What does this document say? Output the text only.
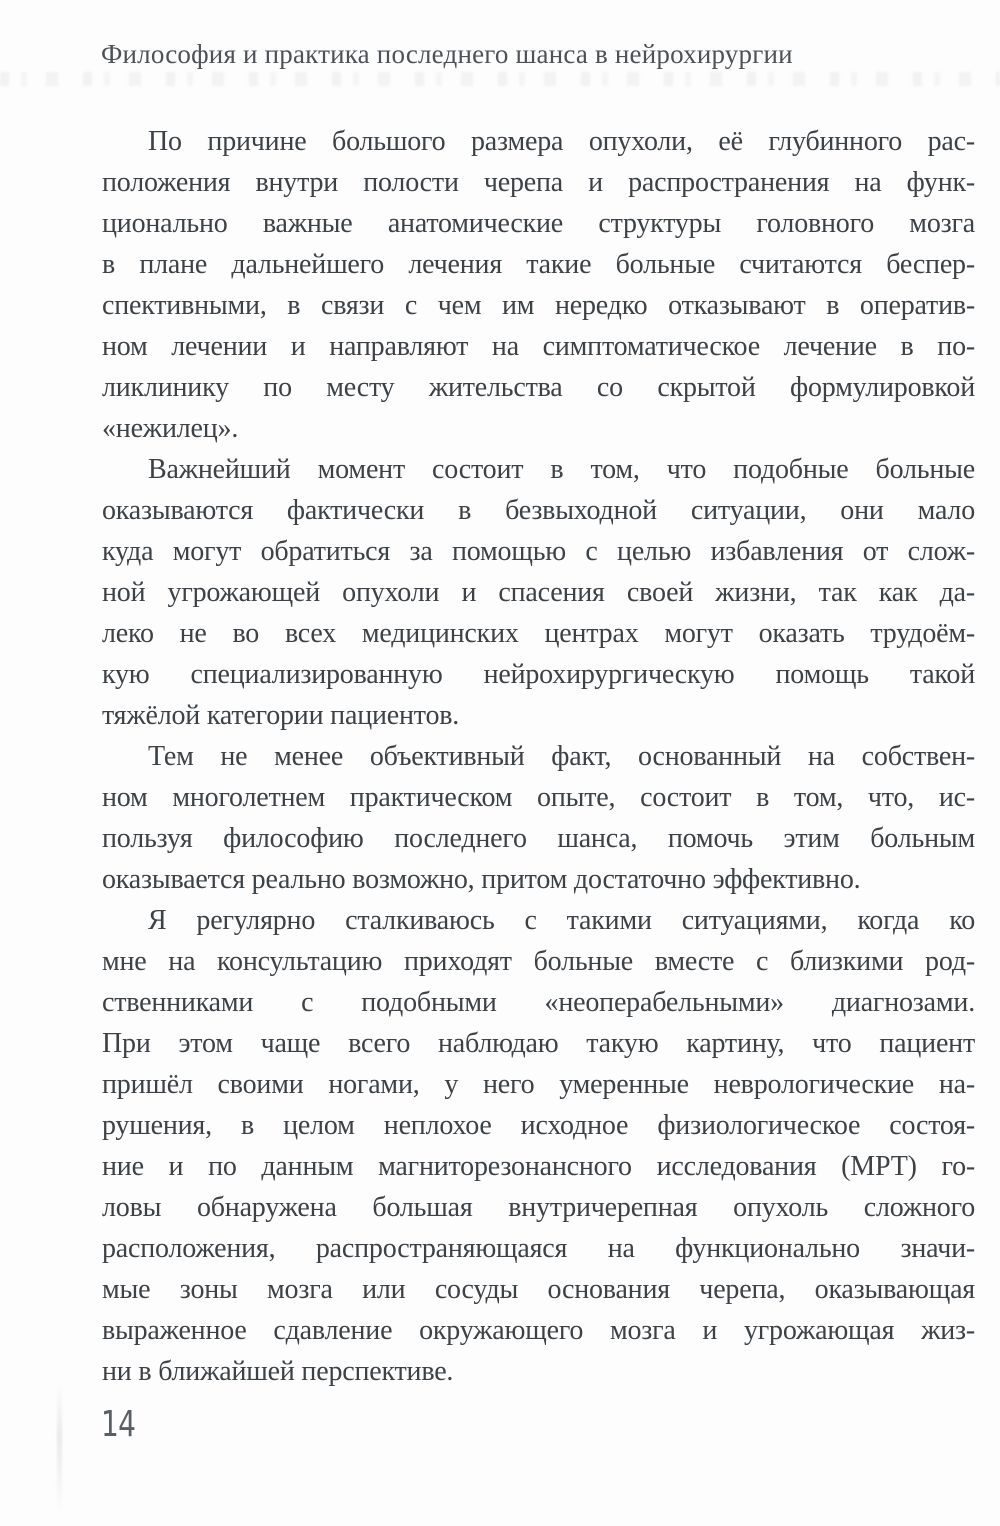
Философия и практика последнего шанса в нейрохирургии
По причине большого размера опухоли, её глубинного рас-
положения внутри полости черепа и распространения на функ-
ционально важные анатомические структуры головного мозга
в плане дальнейшего лечения такие больные считаются беспер-
спективными, в связи с чем им нередко отказывают в оператив-
ном лечении и направляют на симптоматическое лечение в по-
ликлинику по месту жительства со скрытой формулировкой
«нежилец».
Важнейший момент состоит в том, что подобные больные
оказываются фактически в безвыходной ситуации, они мало
куда могут обратиться за помощью с целью избавления от слож-
ной угрожающей опухоли и спасения своей жизни, так как да-
леко не во всех медицинских центрах могут оказать трудоём-
кую специализированную нейрохирургическую помощь такой
тяжёлой категории пациентов.
Тем не менее объективный факт, основанный на собствен-
ном многолетнем практическом опыте, состоит в том, что, ис-
пользуя философию последнего шанса, помочь этим больным
оказывается реально возможно, притом достаточно эффективно.
Я регулярно сталкиваюсь с такими ситуациями, когда ко
мне на консультацию приходят больные вместе с близкими род-
ственниками с подобными «неоперабельными» диагнозами.
При этом чаще всего наблюдаю такую картину, что пациент
пришёл своими ногами, у него умеренные неврологические на-
рушения, в целом неплохое исходное физиологическое состоя-
ние и по данным магниторезонансного исследования (МРТ) го-
ловы обнаружена большая внутричерепная опухоль сложного
расположения, распространяющаяся на функционально значи-
мые зоны мозга или сосуды основания черепа, оказывающая
выраженное сдавление окружающего мозга и угрожающая жиз-
ни в ближайшей перспективе.
14
